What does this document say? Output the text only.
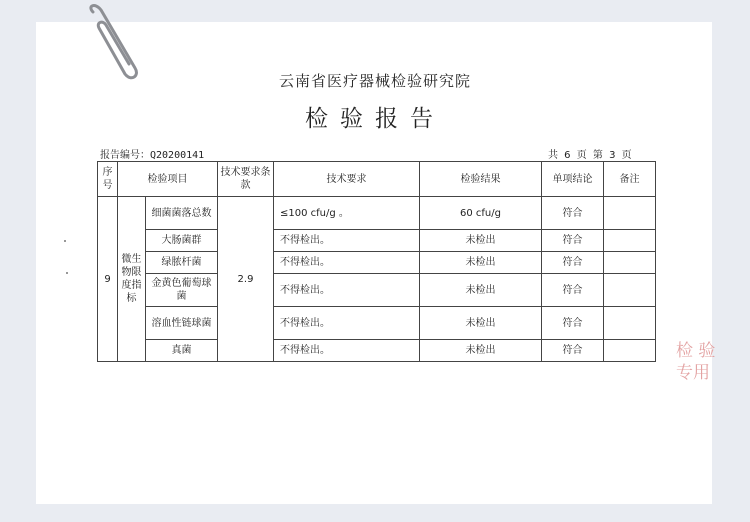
云南省医疗器械检验研究院
检验报告
报告编号：Q20200141	共 6 页 第 3 页
序号	检验项目		技术要求条款	技术要求	检验结果	单项结论	备注
9	微生物限度指标	细菌菌落总数	2.9	≤100 cfu/g 。	60 cfu/g	符合	
		大肠菌群		不得检出。	未检出	符合	
		绿脓杆菌		不得检出。	未检出	符合	
		金黄色葡萄球菌		不得检出。	未检出	符合	
		溶血性链球菌		不得检出。	未检出	符合	
		真菌		不得检出。	未检出	符合		检 验 专用
